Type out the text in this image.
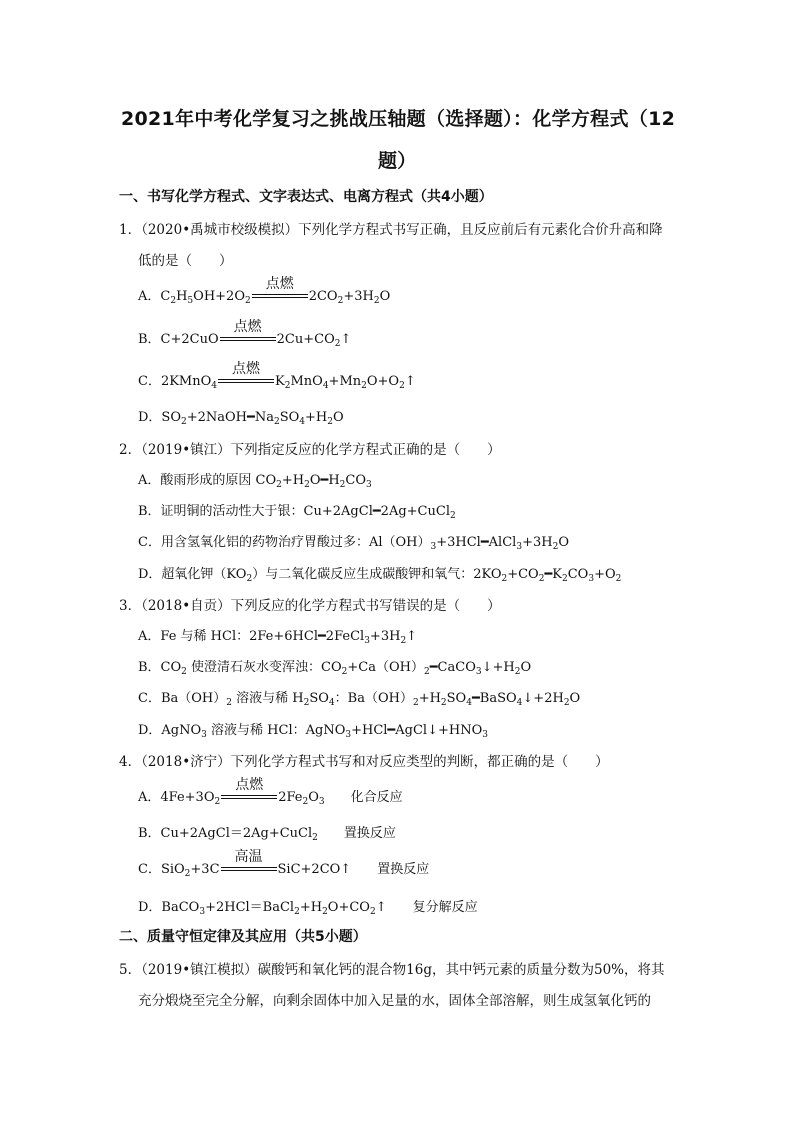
2021年中考化学复习之挑战压轴题（选择题）：化学方程式（12
题）
一、书写化学方程式、文字表达式、电离方程式（共4小题）
1．（2020•禹城市校级模拟）下列化学方程式书写正确，且反应前后有元素化合价升高和降
低的是（　　）
A．$C_2H_5OH+2O_2$
点燃
$2CO_2+3H_2O$
B．C+2CuO
点燃
$2Cu+CO_2↑$
C．2KMnO$_4$
点燃
$K_2MnO_4+Mn_2O+O_2↑$
D．$SO_2+2NaOH━Na_2SO_4+H_2O$
2．（2019•镇江）下列指定反应的化学方程式正确的是（　　）
A．酸雨形成的原因 $CO_2+H_2O━H_2CO_3$
B．证明铜的活动性大于银：Cu+2AgCl━2Ag+CuCl$_2$
C．用含氢氧化铝的药物治疗胃酸过多：$Al(OH)_3+3HCl━AlCl_3+3H_2O$
D．超氧化钾$(KO_2)$与二氧化碳反应生成碳酸钾和氧气：$2KO_2+CO_2━K_2CO_3+O_2$
3．（2018•自贡）下列反应的化学方程式书写错误的是（　　）
A．Fe 与稀 HCl：$2Fe+6HCl━2FeCl_3+3H_2↑$
B．$CO_2$ 使澄清石灰水变浑浊：$CO_2+Ca(OH)_2━CaCO_3↓+H_2O$
C．$Ba(OH)_2$ 溶液与稀 $H_2SO_4$：$Ba(OH)_2+H_2SO_4━BaSO_4↓+2H_2O$
D．AgNO$_3$ 溶液与稀 HCl：$AgNO_3+HCl━AgCl↓+HNO_3$
4．（2018•济宁）下列化学方程式书写和对反应类型的判断，都正确的是（　　）
A．$4Fe+3O_2$
点燃
$2Fe_2O_3$ 化合反应
B．Cu+2AgCl＝2Ag+CuCl$_2$ 置换反应
C．SiO$_2$+3C
高温
SiC+2CO↑ 置换反应
D．$BaCO_3+2HCl=BaCl_2+H_2O+CO_2↑$ 复分解反应
二、质量守恒定律及其应用（共5小题）
5．（2019•镇江模拟）碳酸钙和氧化钙的混合物16g，其中钙元素的质量分数为50%，将其
充分煅烧至完全分解，向剩余固体中加入足量的水，固体全部溶解，则生成氢氧化钙的
